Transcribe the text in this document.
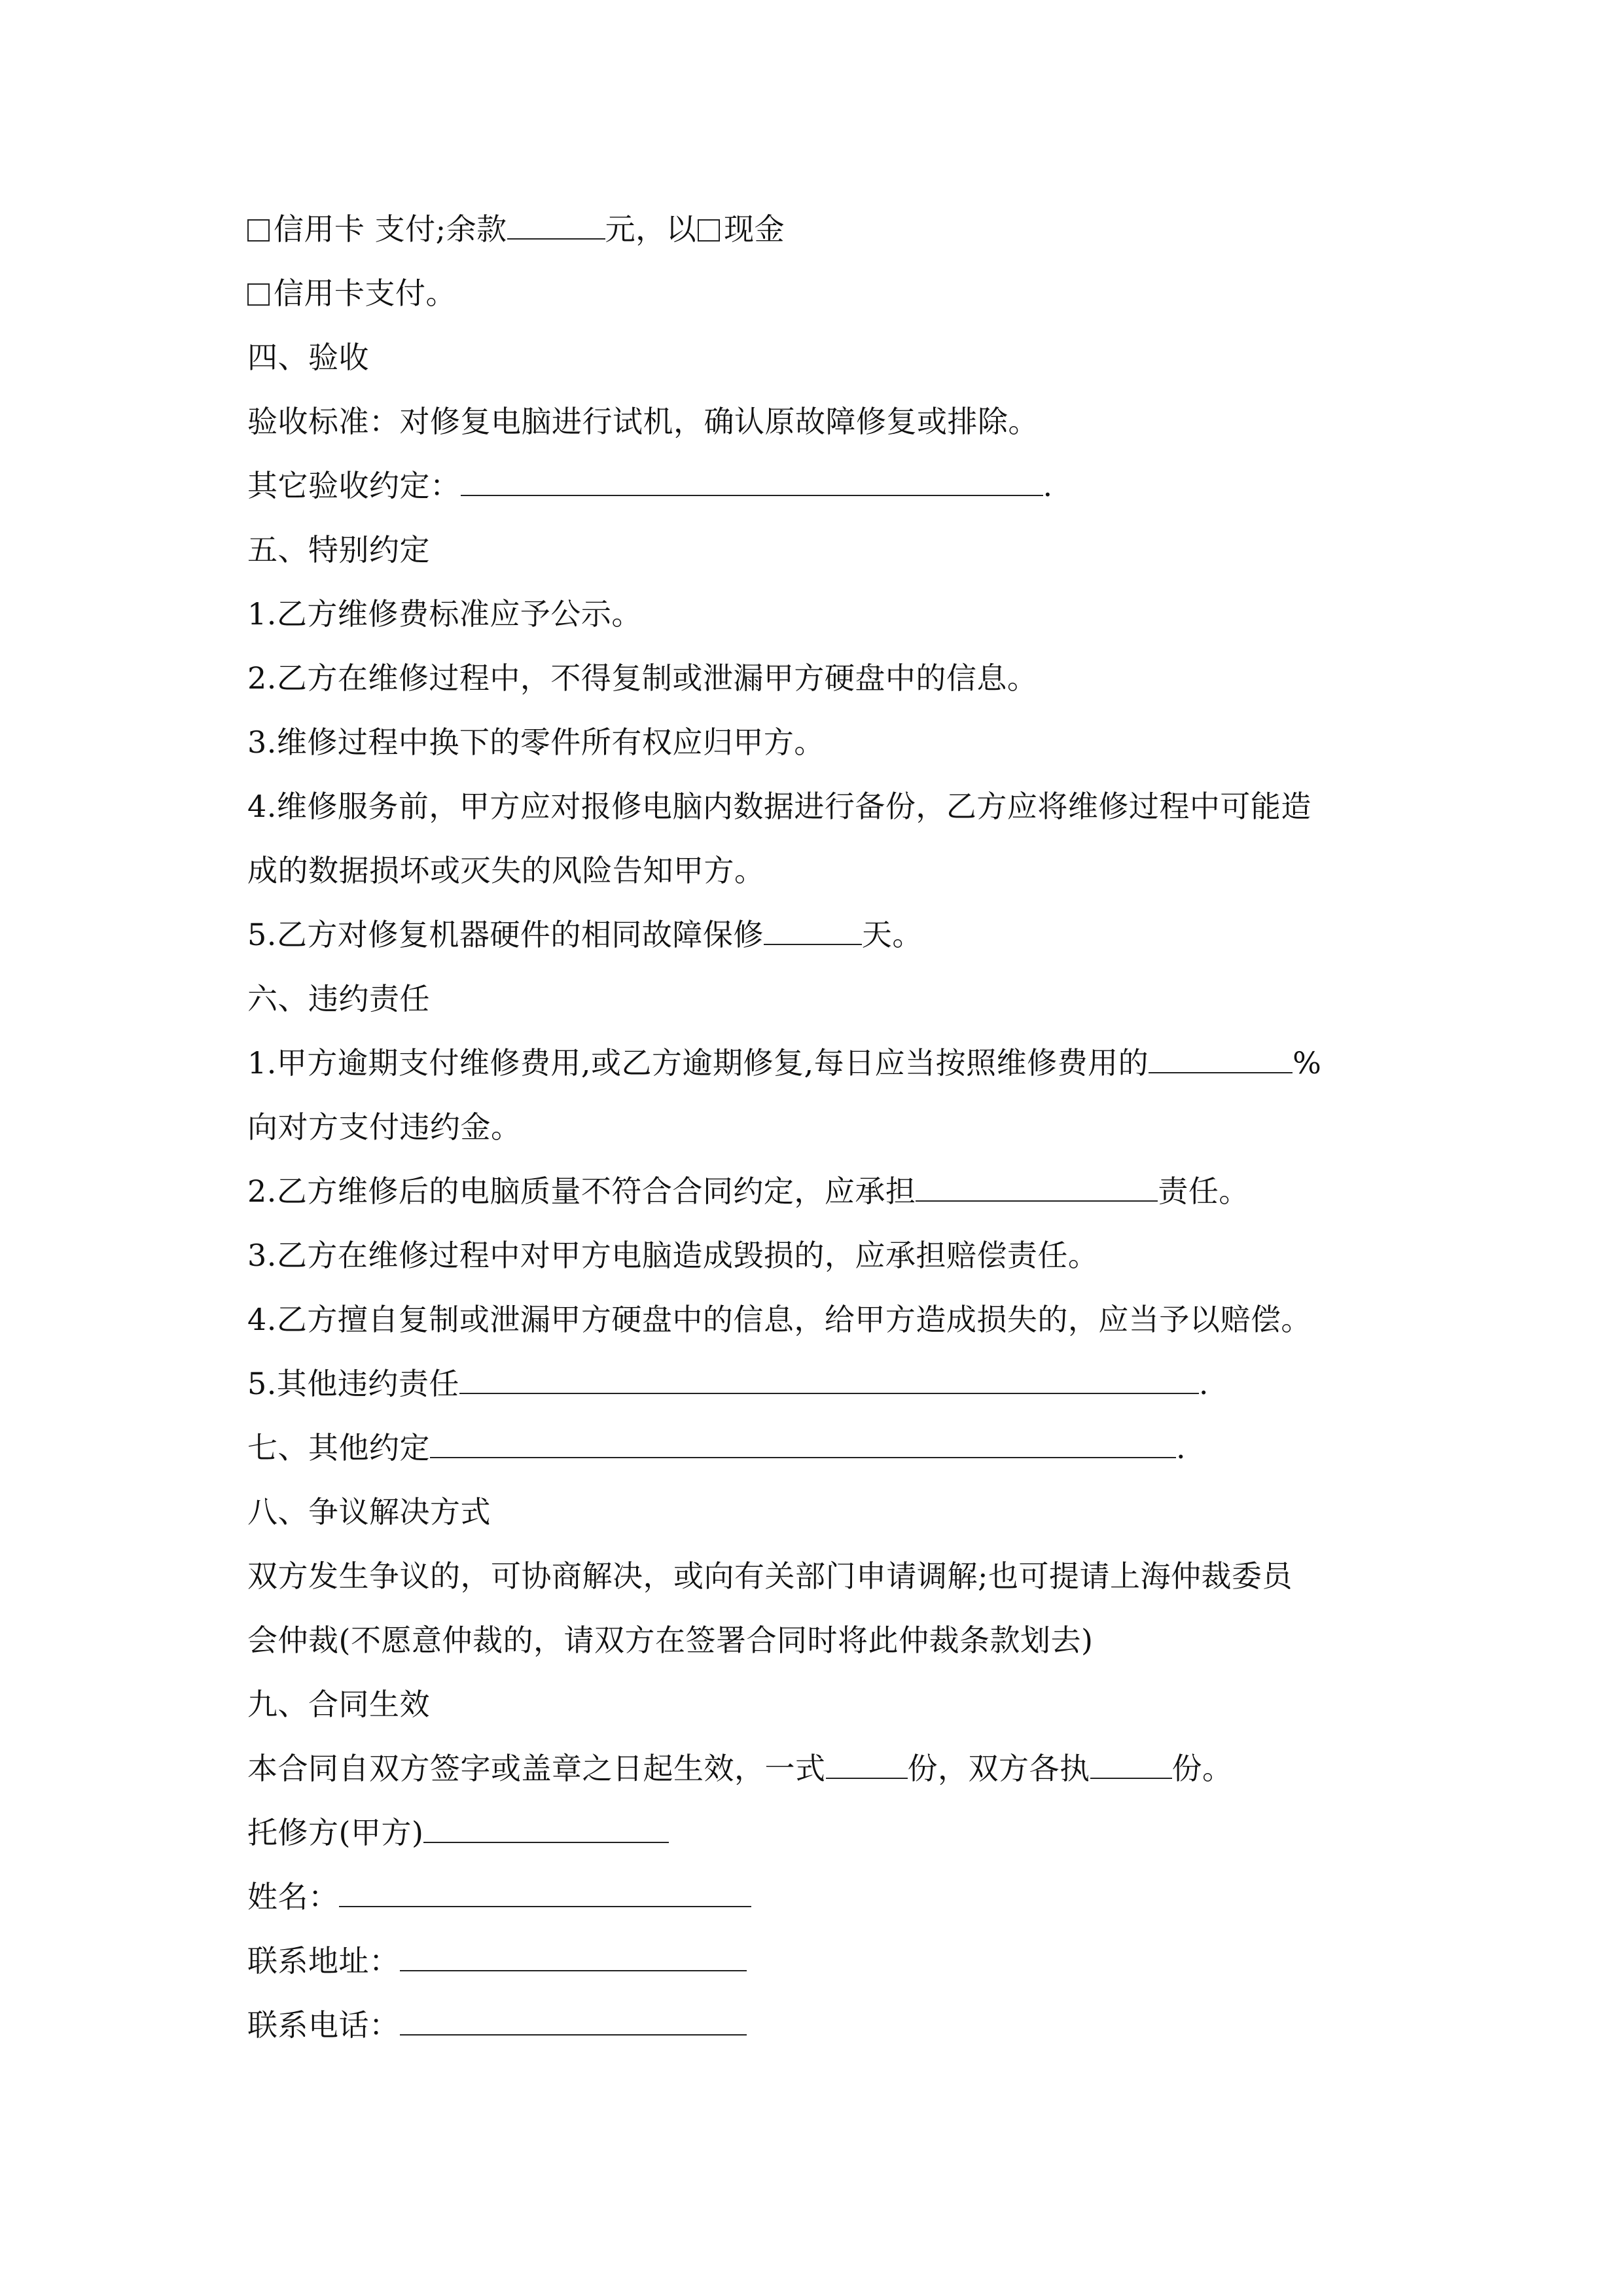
信用卡 支付;余款	元，以 现金
信用卡支付。
四、验收
验收标准：对修复电脑进行试机，确认原故障修复或排除。
其它验收约定：	.
五、特别约定
1.乙方维修费标准应予公示。
2.乙方在维修过程中，不得复制或泄漏甲方硬盘中的信息。
3.维修过程中换下的零件所有权应归甲方。
4.维修服务前，甲方应对报修电脑内数据进行备份，乙方应将维修过程中可能造
成的数据损坏或灭失的风险告知甲方。
5.乙方对修复机器硬件的相同故障保修	天。
六、违约责任
1.甲方逾期支付维修费用,或乙方逾期修复,每日应当按照维修费用的	%
向对方支付违约金。
2.乙方维修后的电脑质量不符合合同约定，应承担	责任。
3.乙方在维修过程中对甲方电脑造成毁损的，应承担赔偿责任。
4.乙方擅自复制或泄漏甲方硬盘中的信息，给甲方造成损失的，应当予以赔偿。
5.其他违约责任	.
七、其他约定	.
八、争议解决方式
双方发生争议的，可协商解决，或向有关部门申请调解;也可提请上海仲裁委员
会仲裁(不愿意仲裁的，请双方在签署合同时将此仲裁条款划去)
九、合同生效
本合同自双方签字或盖章之日起生效，一式	份，双方各执	份。
托修方(甲方)
姓名：
联系地址：
联系电话：
